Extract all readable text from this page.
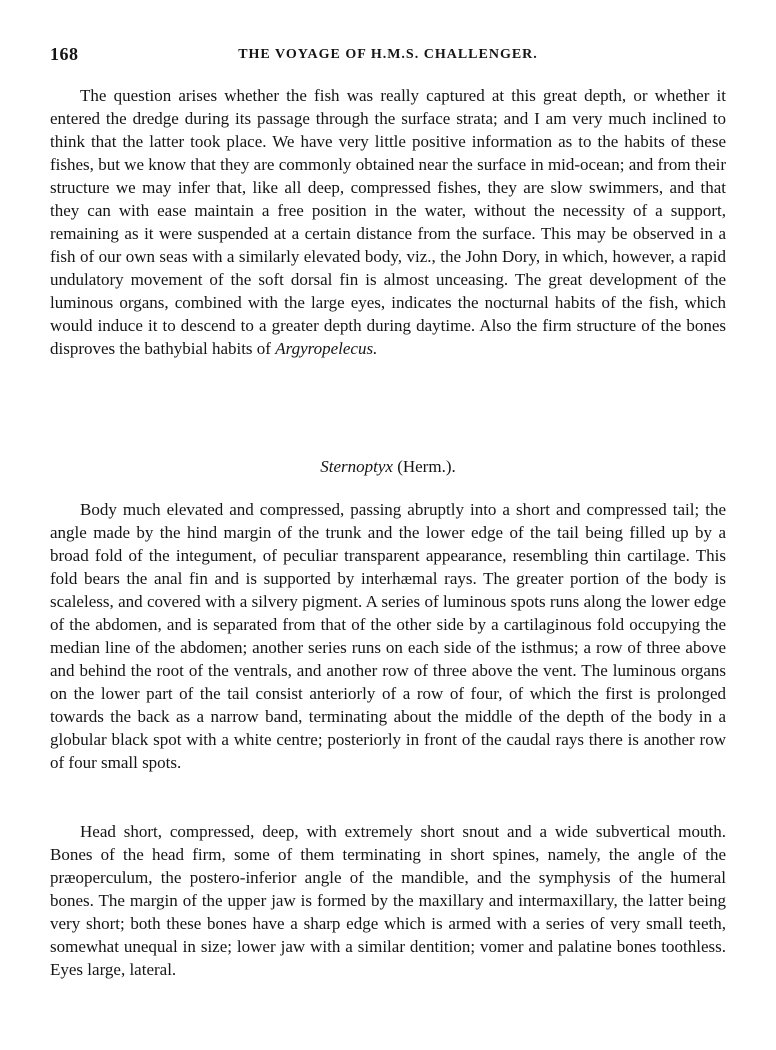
168	THE VOYAGE OF H.M.S. CHALLENGER.

The question arises whether the fish was really captured at this great depth, or whether it entered the dredge during its passage through the surface strata; and I am very much inclined to think that the latter took place. We have very little positive information as to the habits of these fishes, but we know that they are commonly obtained near the surface in mid-ocean; and from their structure we may infer that, like all deep, compressed fishes, they are slow swimmers, and that they can with ease maintain a free position in the water, without the necessity of a support, remaining as it were suspended at a certain distance from the surface. This may be observed in a fish of our own seas with a similarly elevated body, viz., the John Dory, in which, however, a rapid undulatory movement of the soft dorsal fin is almost unceasing. The great development of the luminous organs, combined with the large eyes, indicates the nocturnal habits of the fish, which would induce it to descend to a greater depth during daytime. Also the firm structure of the bones disproves the bathybial habits of Argyropelecus.

Sternoptyx (Herm.).

Body much elevated and compressed, passing abruptly into a short and compressed tail; the angle made by the hind margin of the trunk and the lower edge of the tail being filled up by a broad fold of the integument, of peculiar transparent appearance, resembling thin cartilage. This fold bears the anal fin and is supported by interhæmal rays. The greater portion of the body is scaleless, and covered with a silvery pigment. A series of luminous spots runs along the lower edge of the abdomen, and is separated from that of the other side by a cartilaginous fold occupying the median line of the abdomen; another series runs on each side of the isthmus; a row of three above and behind the root of the ventrals, and another row of three above the vent. The luminous organs on the lower part of the tail consist anteriorly of a row of four, of which the first is prolonged towards the back as a narrow band, terminating about the middle of the depth of the body in a globular black spot with a white centre; posteriorly in front of the caudal rays there is another row of four small spots.

Head short, compressed, deep, with extremely short snout and a wide subvertical mouth. Bones of the head firm, some of them terminating in short spines, namely, the angle of the præoperculum, the postero-inferior angle of the mandible, and the symphysis of the humeral bones. The margin of the upper jaw is formed by the maxillary and intermaxillary, the latter being very short; both these bones have a sharp edge which is armed with a series of very small teeth, somewhat unequal in size; lower jaw with a similar dentition; vomer and palatine bones toothless. Eyes large, lateral.
